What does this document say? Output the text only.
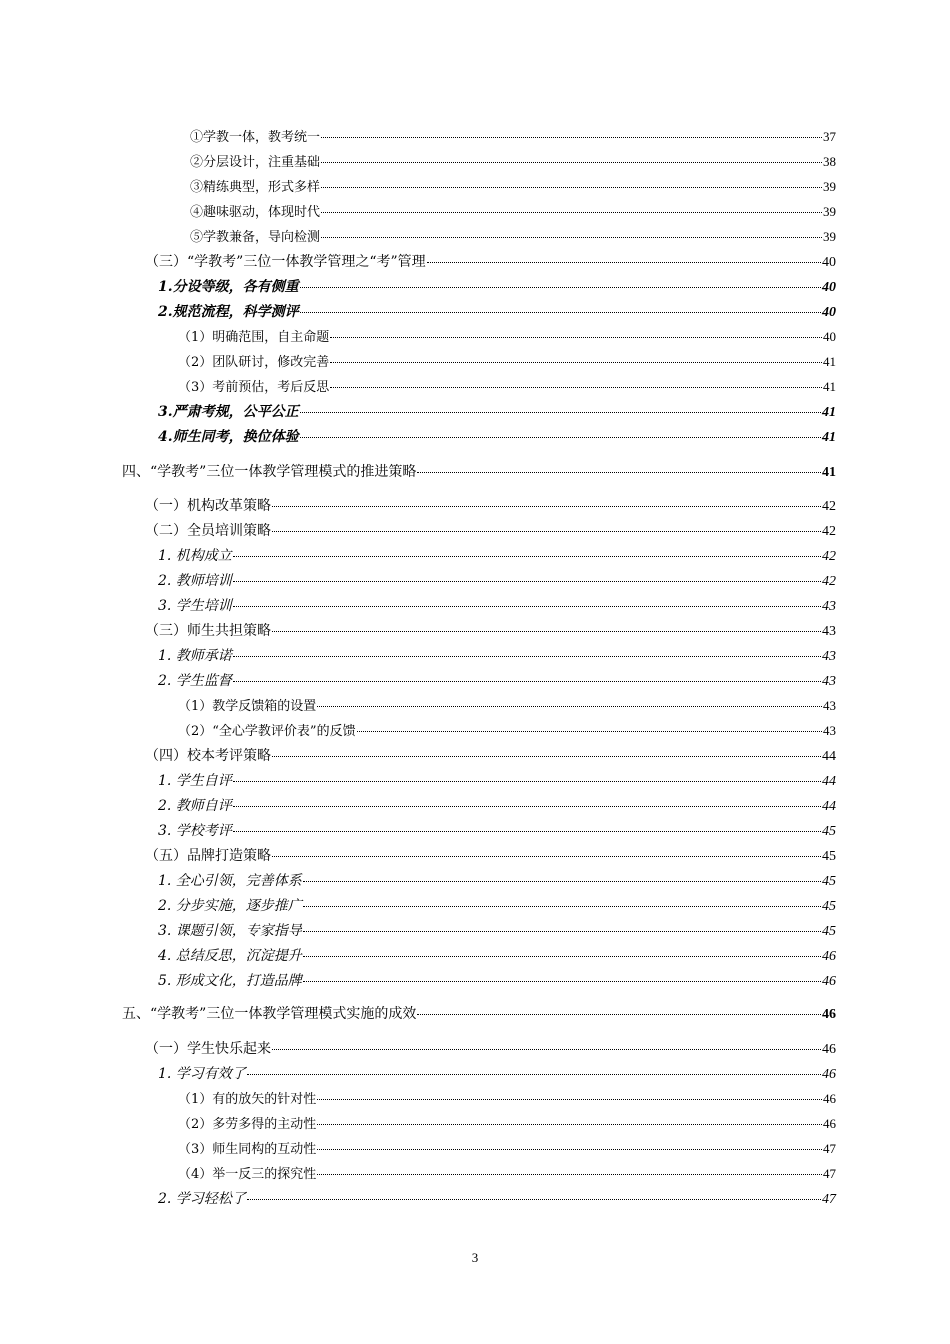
①学教一体，教考统一	37
②分层设计，注重基础	38
③精练典型，形式多样	39
④趣味驱动，体现时代	39
⑤学教兼备，导向检测	39
（三）“学教考”三位一体教学管理之“考”管理	40
1.分设等级，各有侧重	40
2.规范流程，科学测评	40
（1）明确范围，自主命题	40
（2）团队研讨，修改完善	41
（3）考前预估，考后反思	41
3.严肃考规，公平公正	41
4.师生同考，换位体验	41
四、“学教考”三位一体教学管理模式的推进策略	41
（一）机构改革策略	42
（二）全员培训策略	42
1. 机构成立	42
2. 教师培训	42
3. 学生培训	43
（三）师生共担策略	43
1. 教师承诺	43
2. 学生监督	43
（1）教学反馈箱的设置	43
（2）“全心学教评价表”的反馈	43
（四）校本考评策略	44
1. 学生自评	44
2. 教师自评	44
3. 学校考评	45
（五）品牌打造策略	45
1. 全心引领，完善体系	45
2. 分步实施，逐步推广	45
3. 课题引领，专家指导	45
4. 总结反思，沉淀提升	46
5. 形成文化，打造品牌	46
五、“学教考”三位一体教学管理模式实施的成效	46
（一）学生快乐起来	46
1. 学习有效了	46
（1）有的放矢的针对性	46
（2）多劳多得的主动性	46
（3）师生同构的互动性	47
（4）举一反三的探究性	47
2. 学习轻松了	47
3
